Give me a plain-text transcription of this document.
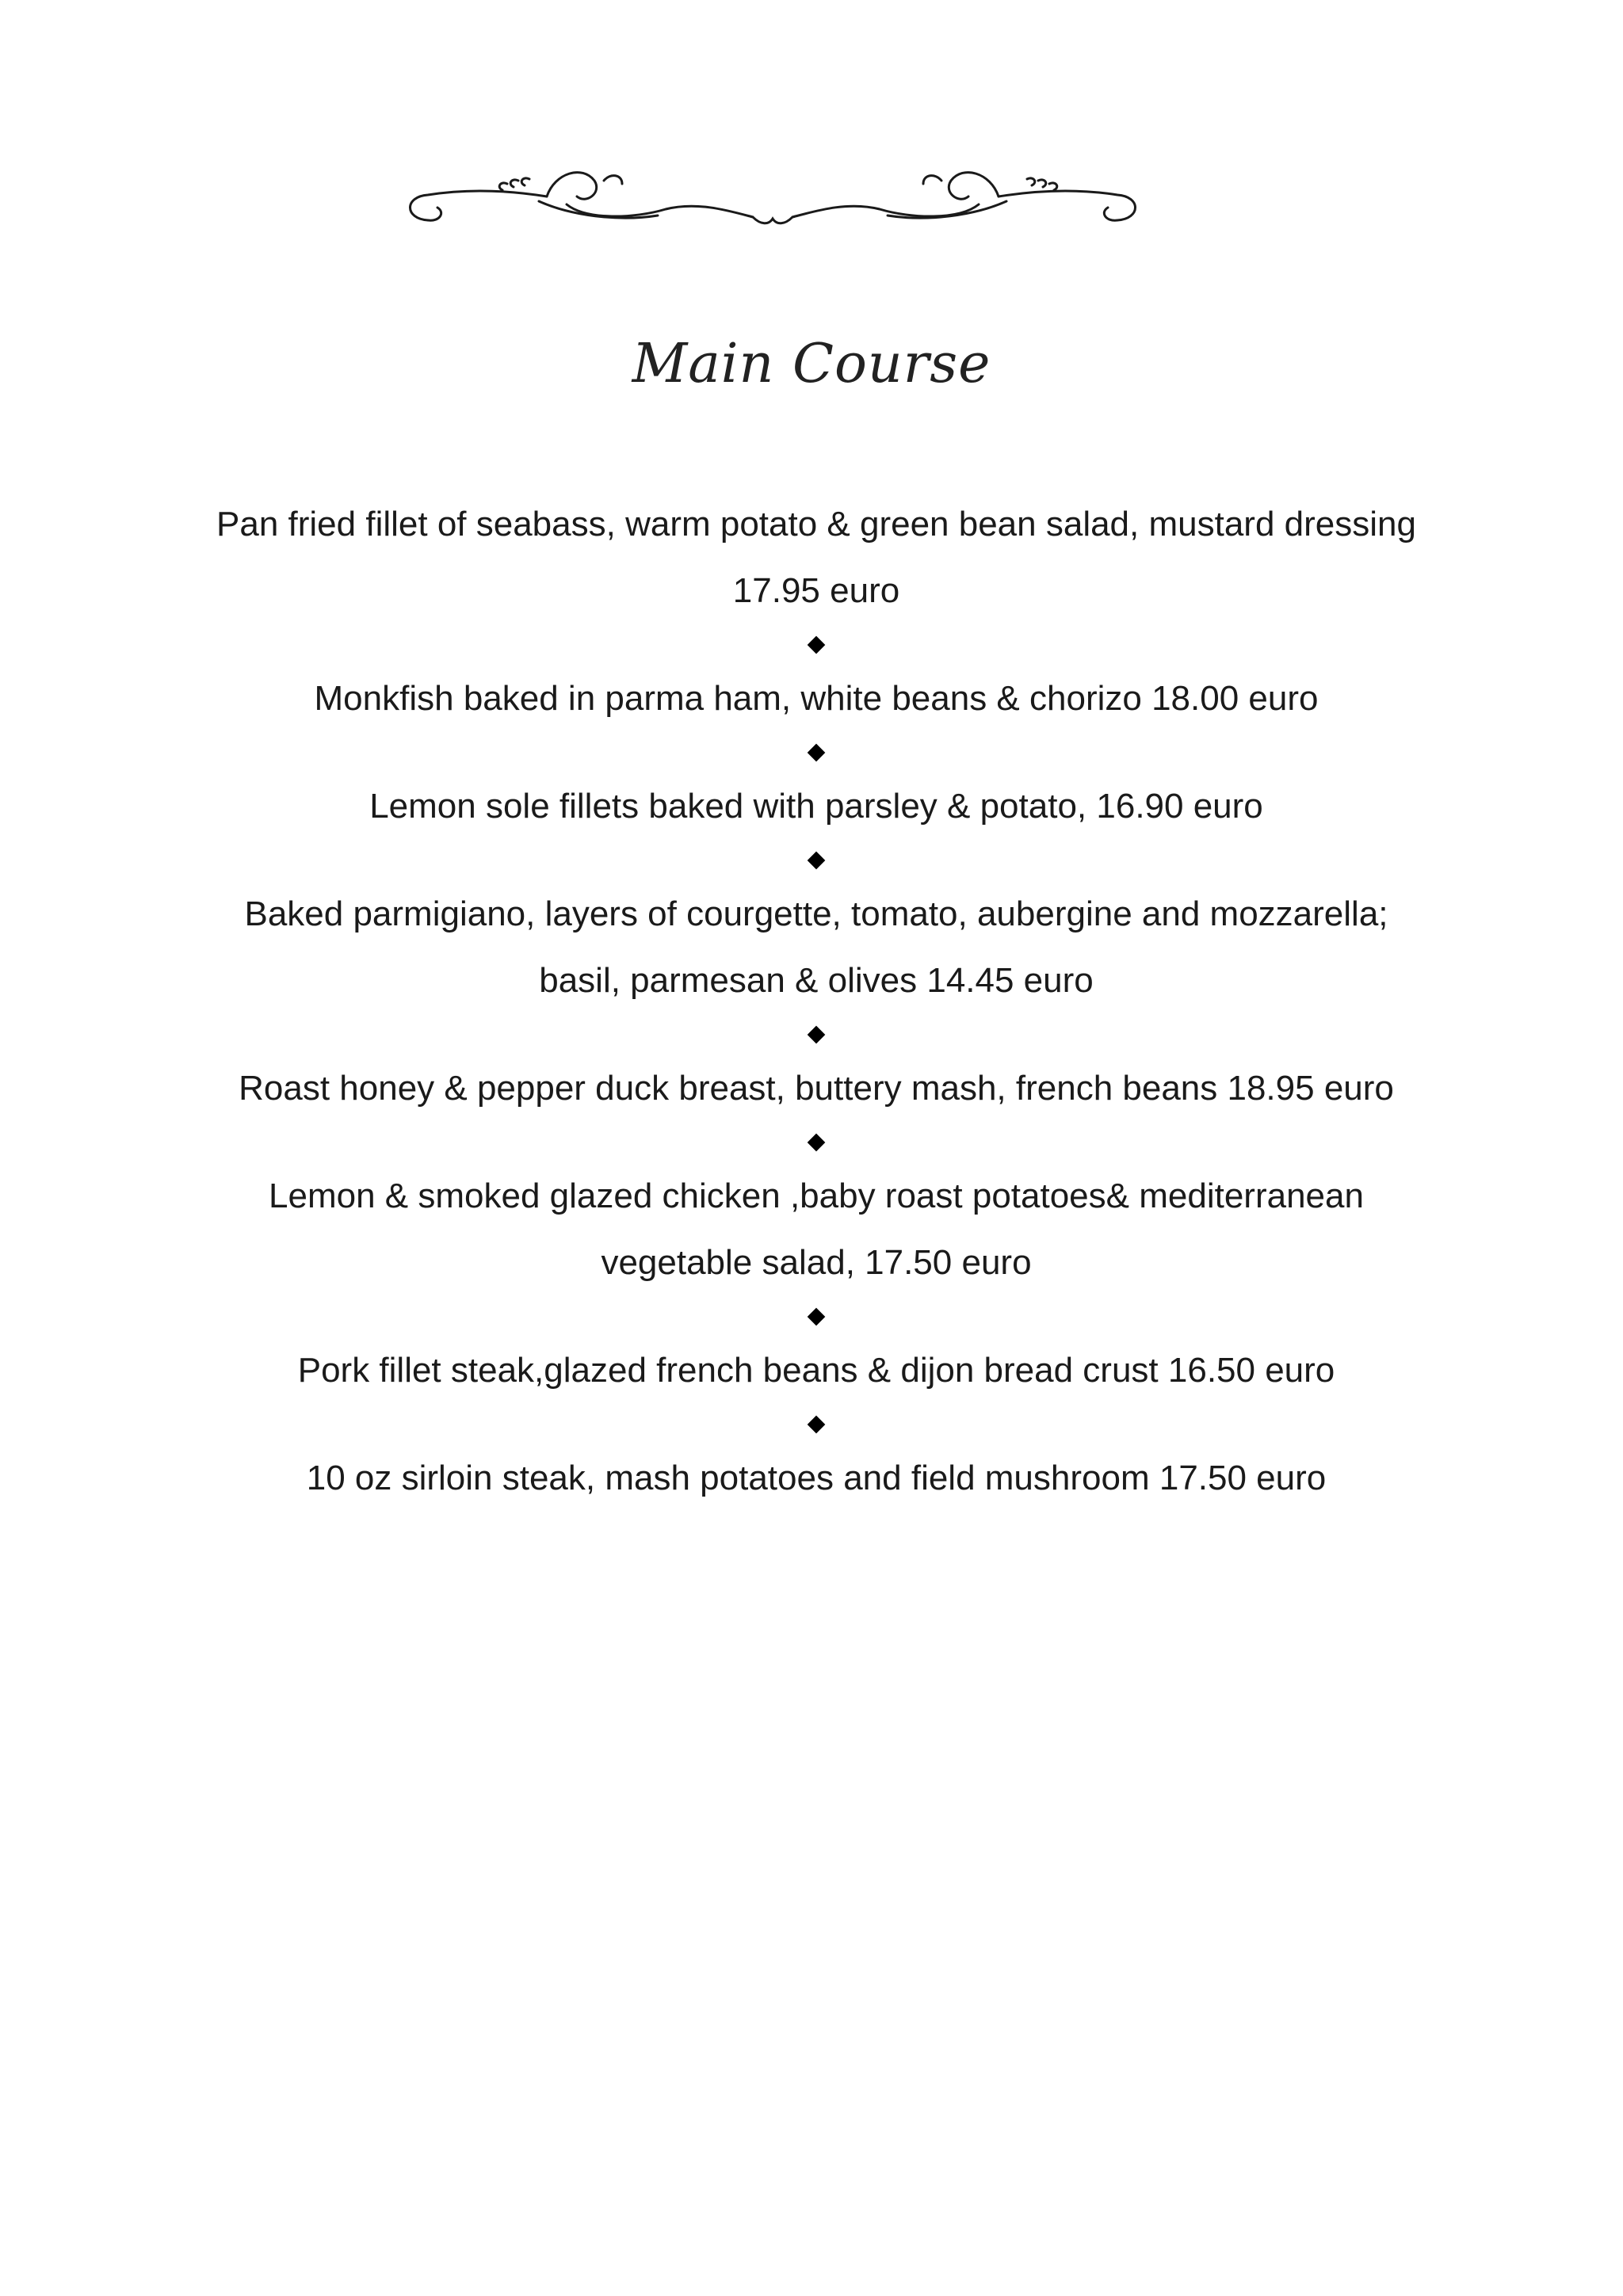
Main Course

Pan fried fillet of seabass, warm potato & green bean salad, mustard dressing

17.95 euro

Monkfish baked in parma ham, white beans & chorizo 18.00 euro

Lemon sole fillets baked with parsley & potato, 16.90 euro

Baked parmigiano, layers of courgette, tomato, aubergine and mozzarella;

basil, parmesan & olives 14.45 euro

Roast honey & pepper duck breast, buttery mash, french beans 18.95 euro

Lemon & smoked glazed chicken ,baby roast potatoes& mediterranean

vegetable salad, 17.50 euro

Pork fillet steak,glazed french beans & dijon bread crust 16.50 euro

10 oz sirloin steak, mash potatoes and field mushroom 17.50 euro
